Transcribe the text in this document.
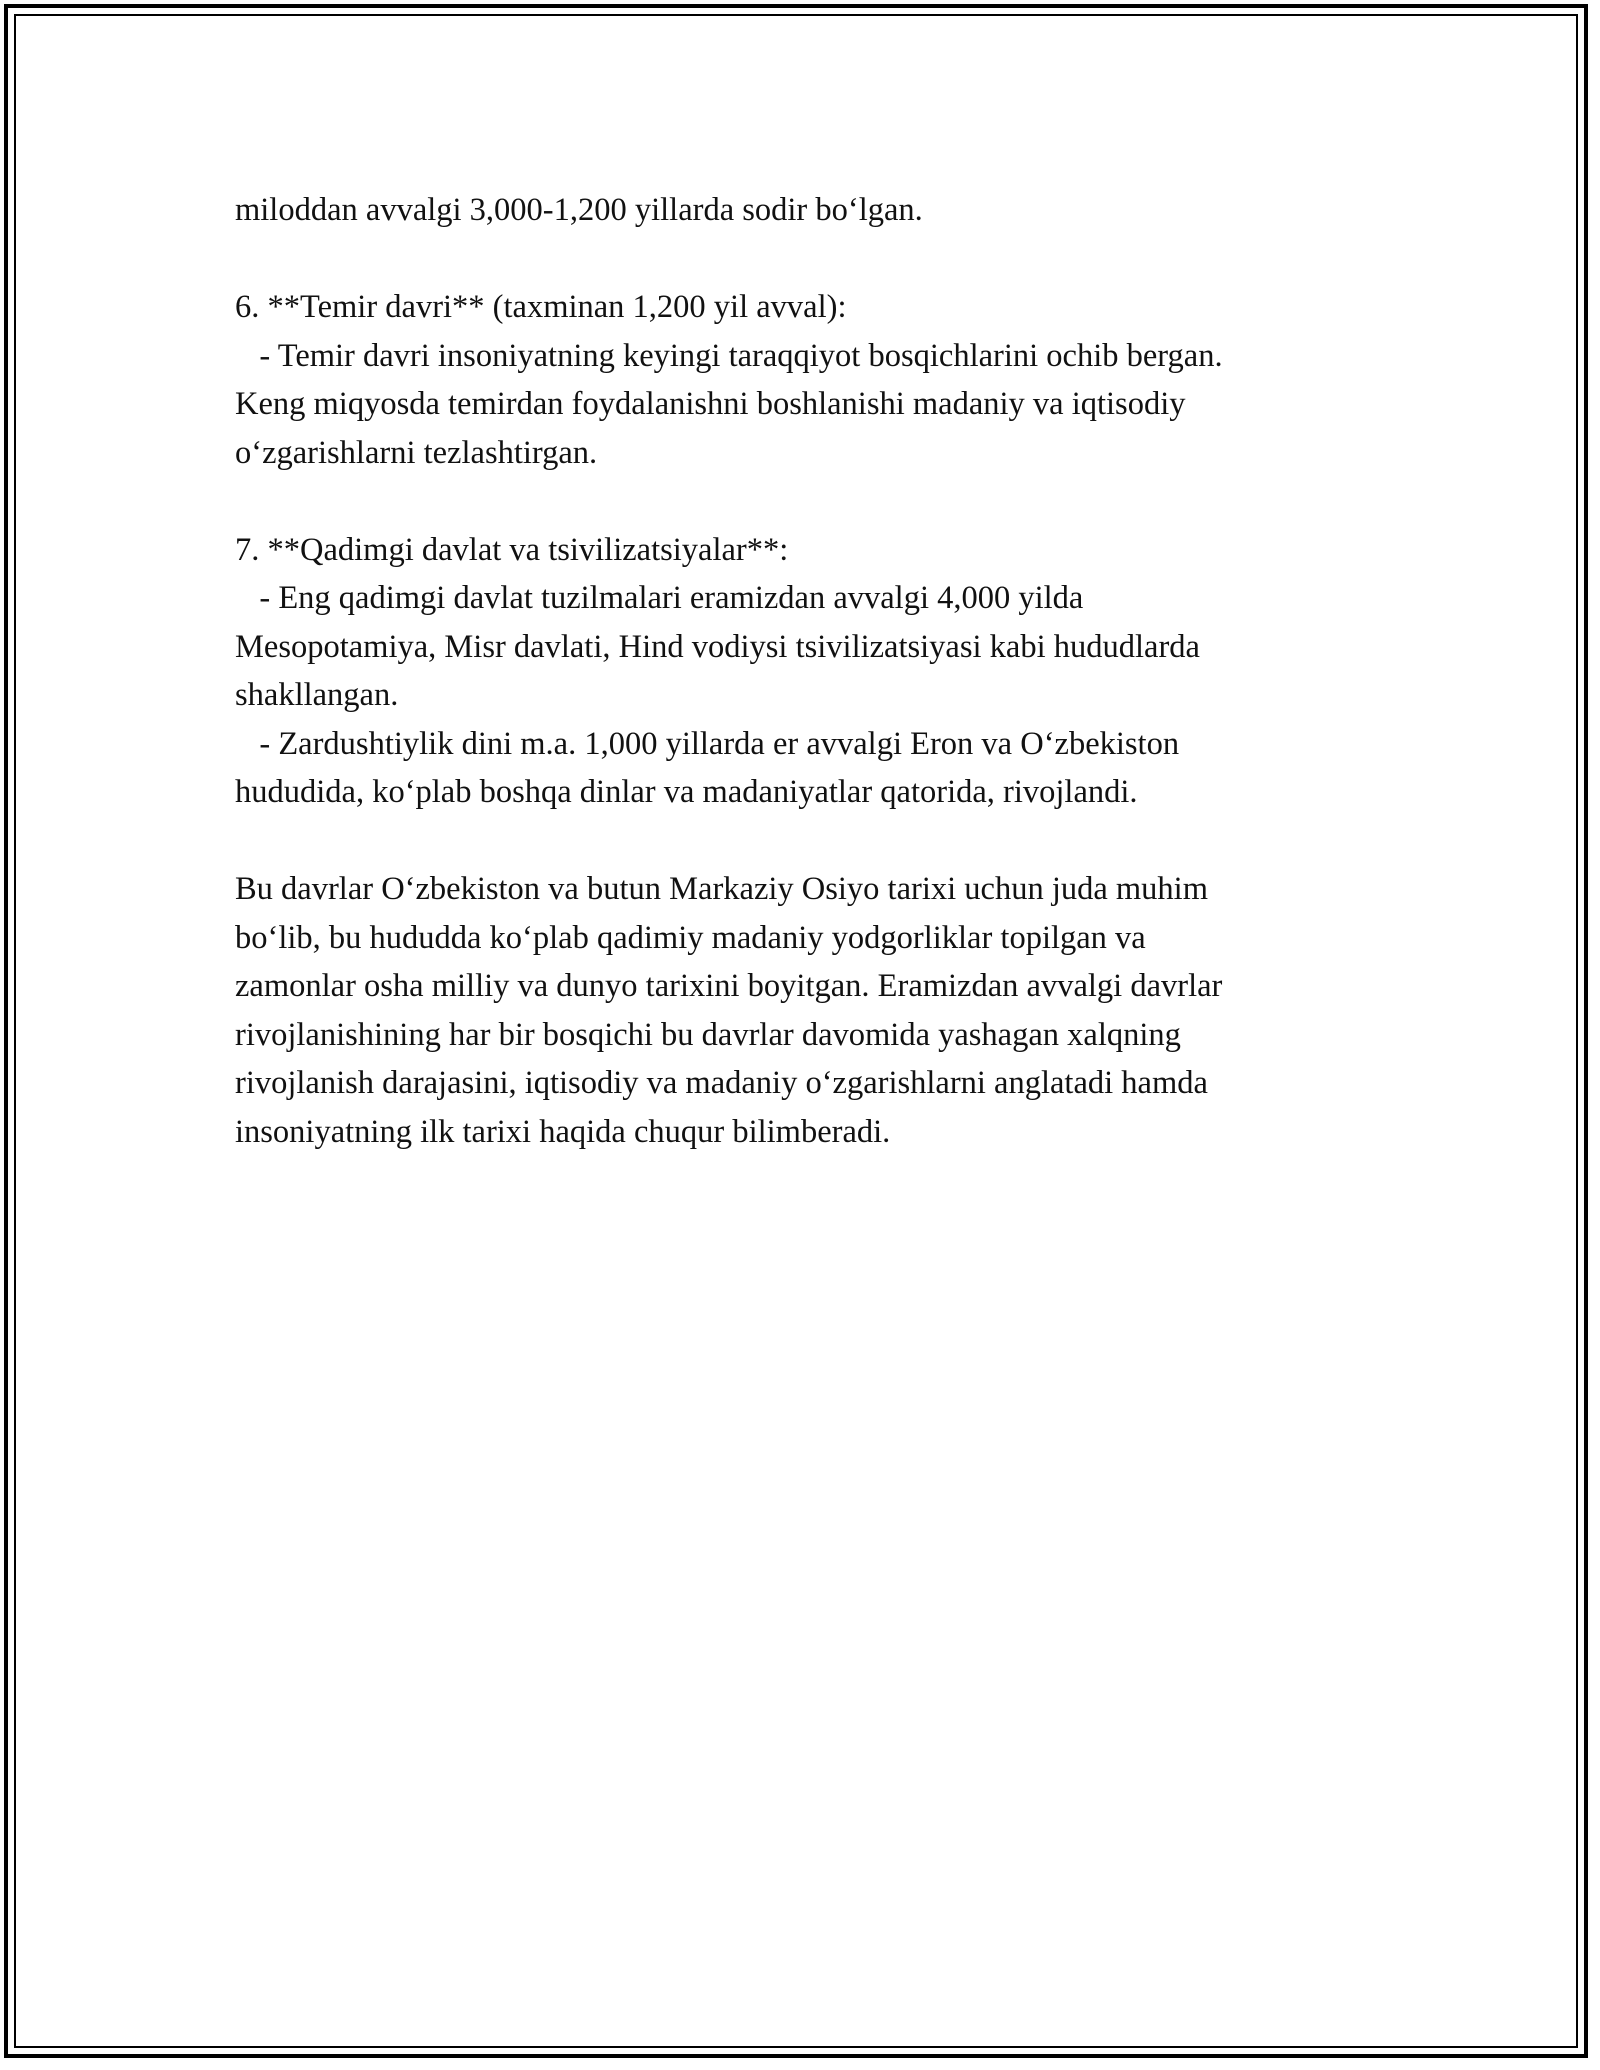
miloddan avvalgi 3,000-1,200 yillarda sodir bo‘lgan.
6. **Temir davri** (taxminan 1,200 yil avval):
- Temir davri insoniyatning keyingi taraqqiyot bosqichlarini ochib bergan.
Keng miqyosda temirdan foydalanishni boshlanishi madaniy va iqtisodiy
o‘zgarishlarni tezlashtirgan.
7. **Qadimgi davlat va tsivilizatsiyalar**:
- Eng qadimgi davlat tuzilmalari eramizdan avvalgi 4,000 yilda
Mesopotamiya, Misr davlati, Hind vodiysi tsivilizatsiyasi kabi hududlarda
shakllangan.
- Zardushtiylik dini m.a. 1,000 yillarda er avvalgi Eron va O‘zbekiston
hududida, ko‘plab boshqa dinlar va madaniyatlar qatorida, rivojlandi.
Bu davrlar O‘zbekiston va butun Markaziy Osiyo tarixi uchun juda muhim
bo‘lib, bu hududda ko‘plab qadimiy madaniy yodgorliklar topilgan va
zamonlar osha milliy va dunyo tarixini boyitgan. Eramizdan avvalgi davrlar
rivojlanishining har bir bosqichi bu davrlar davomida yashagan xalqning
rivojlanish darajasini, iqtisodiy va madaniy o‘zgarishlarni anglatadi hamda
insoniyatning ilk tarixi haqida chuqur bilimberadi.
